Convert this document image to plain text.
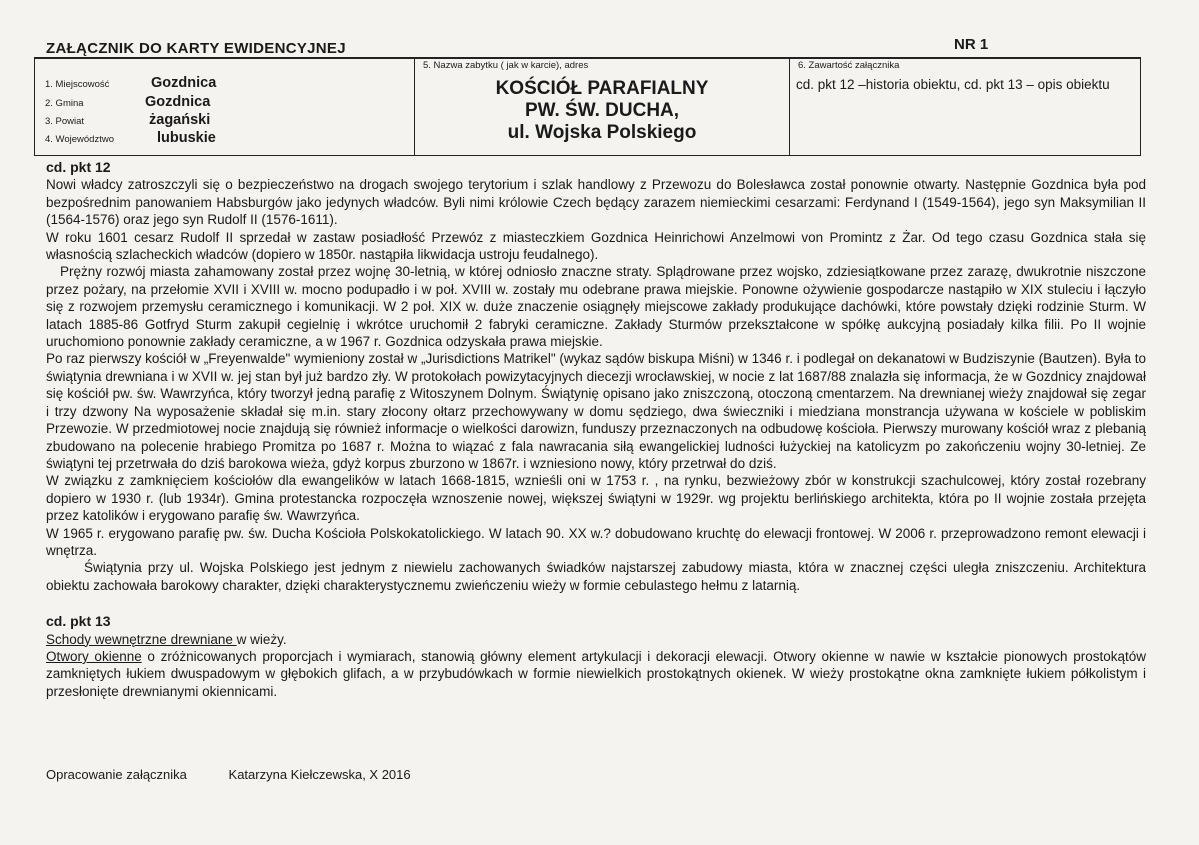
ZAŁĄCZNIK DO KARTY EWIDENCYJNEJ	NR 1
1. Miejscowość	Gozdnica
2. Gmina	Gozdnica
3. Powiat	żagański
4. Województwo	lubuskie
5. Nazwa zabytku ( jak w karcie), adres
KOŚCIÓŁ PARAFIALNY
PW. ŚW. DUCHA,
ul. Wojska Polskiego
6. Zawartość załącznika
cd. pkt 12 –historia obiektu, cd. pkt 13 – opis obiektu
cd. pkt 12

Nowi władcy zatroszczyli się o bezpieczeństwo na drogach swojego terytorium i szlak handlowy z Przewozu do Bolesławca został ponownie otwarty. Następnie Gozdnica była pod bezpośrednim panowaniem Habsburgów jako jedynych władców. Byli nimi królowie Czech będący zarazem niemieckimi cesarzami: Ferdynand I (1549-1564), jego syn Maksymilian II (1564-1576) oraz jego syn Rudolf II (1576-1611).

W roku 1601 cesarz Rudolf II sprzedał w zastaw posiadłość Przewóz z miasteczkiem Gozdnica Heinrichowi Anzelmowi von Promintz z Żar. Od tego czasu Gozdnica stała się własnością szlacheckich władców (dopiero w 1850r. nastąpiła likwidacja ustroju feudalnego).

Prężny rozwój miasta zahamowany został przez wojnę 30-letnią, w której odniosło znaczne straty. Splądrowane przez wojsko, zdziesiątkowane przez zarazę, dwukrotnie niszczone przez pożary, na przełomie XVII i XVIII w. mocno podupadło i w poł. XVIII w. zostały mu odebrane prawa miejskie. Ponowne ożywienie gospodarcze nastąpiło w XIX stuleciu i łączyło się z rozwojem przemysłu ceramicznego i komunikacji. W 2 poł. XIX w. duże znaczenie osiągnęły miejscowe zakłady produkujące dachówki, które powstały dzięki rodzinie Sturm. W latach 1885-86 Gotfryd Sturm zakupił cegielnię i wkrótce uruchomił 2 fabryki ceramiczne. Zakłady Sturmów przekształcone w spółkę aukcyjną posiadały kilka filii. Po II wojnie uruchomiono ponownie zakłady ceramiczne, a w 1967 r. Gozdnica odzyskała prawa miejskie.

Po raz pierwszy kościół w „Freyenwalde" wymieniony został w „Jurisdictions Matrikel" (wykaz sądów biskupa Miśni) w 1346 r. i podlegał on dekanatowi w Budziszynie (Bautzen). Była to świątynia drewniana i w XVII w. jej stan był już bardzo zły. W protokołach powizytacyjnych diecezji wrocławskiej, w nocie z lat 1687/88 znalazła się informacja, że w Gozdnicy znajdował się kościół pw. św. Wawrzyńca, który tworzył jedną parafię z Witoszynem Dolnym. Świątynię opisano jako zniszczoną, otoczoną cmentarzem. Na drewnianej wieży znajdował się zegar i trzy dzwony Na wyposażenie składał się m.in. stary złocony ołtarz przechowywany w domu sędziego, dwa świeczniki i miedziana monstrancja używana w kościele w pobliskim Przewozie. W przedmiotowej nocie znajdują się również informacje o wielkości darowizn, funduszy przeznaczonych na odbudowę kościoła. Pierwszy murowany kościół wraz z plebanią zbudowano na polecenie hrabiego Promitza po 1687 r. Można to wiązać z fala nawracania siłą ewangelickiej ludności łużyckiej na katolicyzm po zakończeniu wojny 30-letniej. Ze świątyni tej przetrwała do dziś barokowa wieża, gdyż korpus zburzono w 1867r. i wzniesiono nowy, który przetrwał do dziś.

W związku z zamknięciem kościołów dla ewangelików w latach 1668-1815, wznieśli oni w 1753 r. , na rynku, bezwieżowy zbór w konstrukcji szachulcowej, który został rozebrany dopiero w 1930 r. (lub 1934r). Gmina protestancka rozpoczęła wznoszenie nowej, większej świątyni w 1929r. wg projektu berlińskiego architekta, która po II wojnie została przejęta przez katolików i erygowano parafię św. Wawrzyńca.

W 1965 r. erygowano parafię pw. św. Ducha Kościoła Polskokatolickiego. W latach 90. XX w.? dobudowano kruchtę do elewacji frontowej. W 2006 r. przeprowadzono remont elewacji i wnętrza.

Świątynia przy ul. Wojska Polskiego jest jednym z niewielu zachowanych świadków najstarszej zabudowy miasta, która w znacznej części uległa zniszczeniu. Architektura obiektu zachowała barokowy charakter, dzięki charakterystycznemu zwieńczeniu wieży w formie cebulastego hełmu z latarnią.

cd. pkt 13

Schody wewnętrzne drewniane w wieży.

Otwory okienne o zróżnicowanych proporcjach i wymiarach, stanowią główny element artykulacji i dekoracji elewacji. Otwory okienne w nawie w kształcie pionowych prostokątów zamkniętych łukiem dwuspadowym w głębokich glifach, a w przybudówkach w formie niewielkich prostokątnych okienek. W wieży prostokątne okna zamknięte łukiem półkolistym i przesłonięte drewnianymi okiennicami.

Opracowanie załącznika	Katarzyna Kiełczewska, X 2016
